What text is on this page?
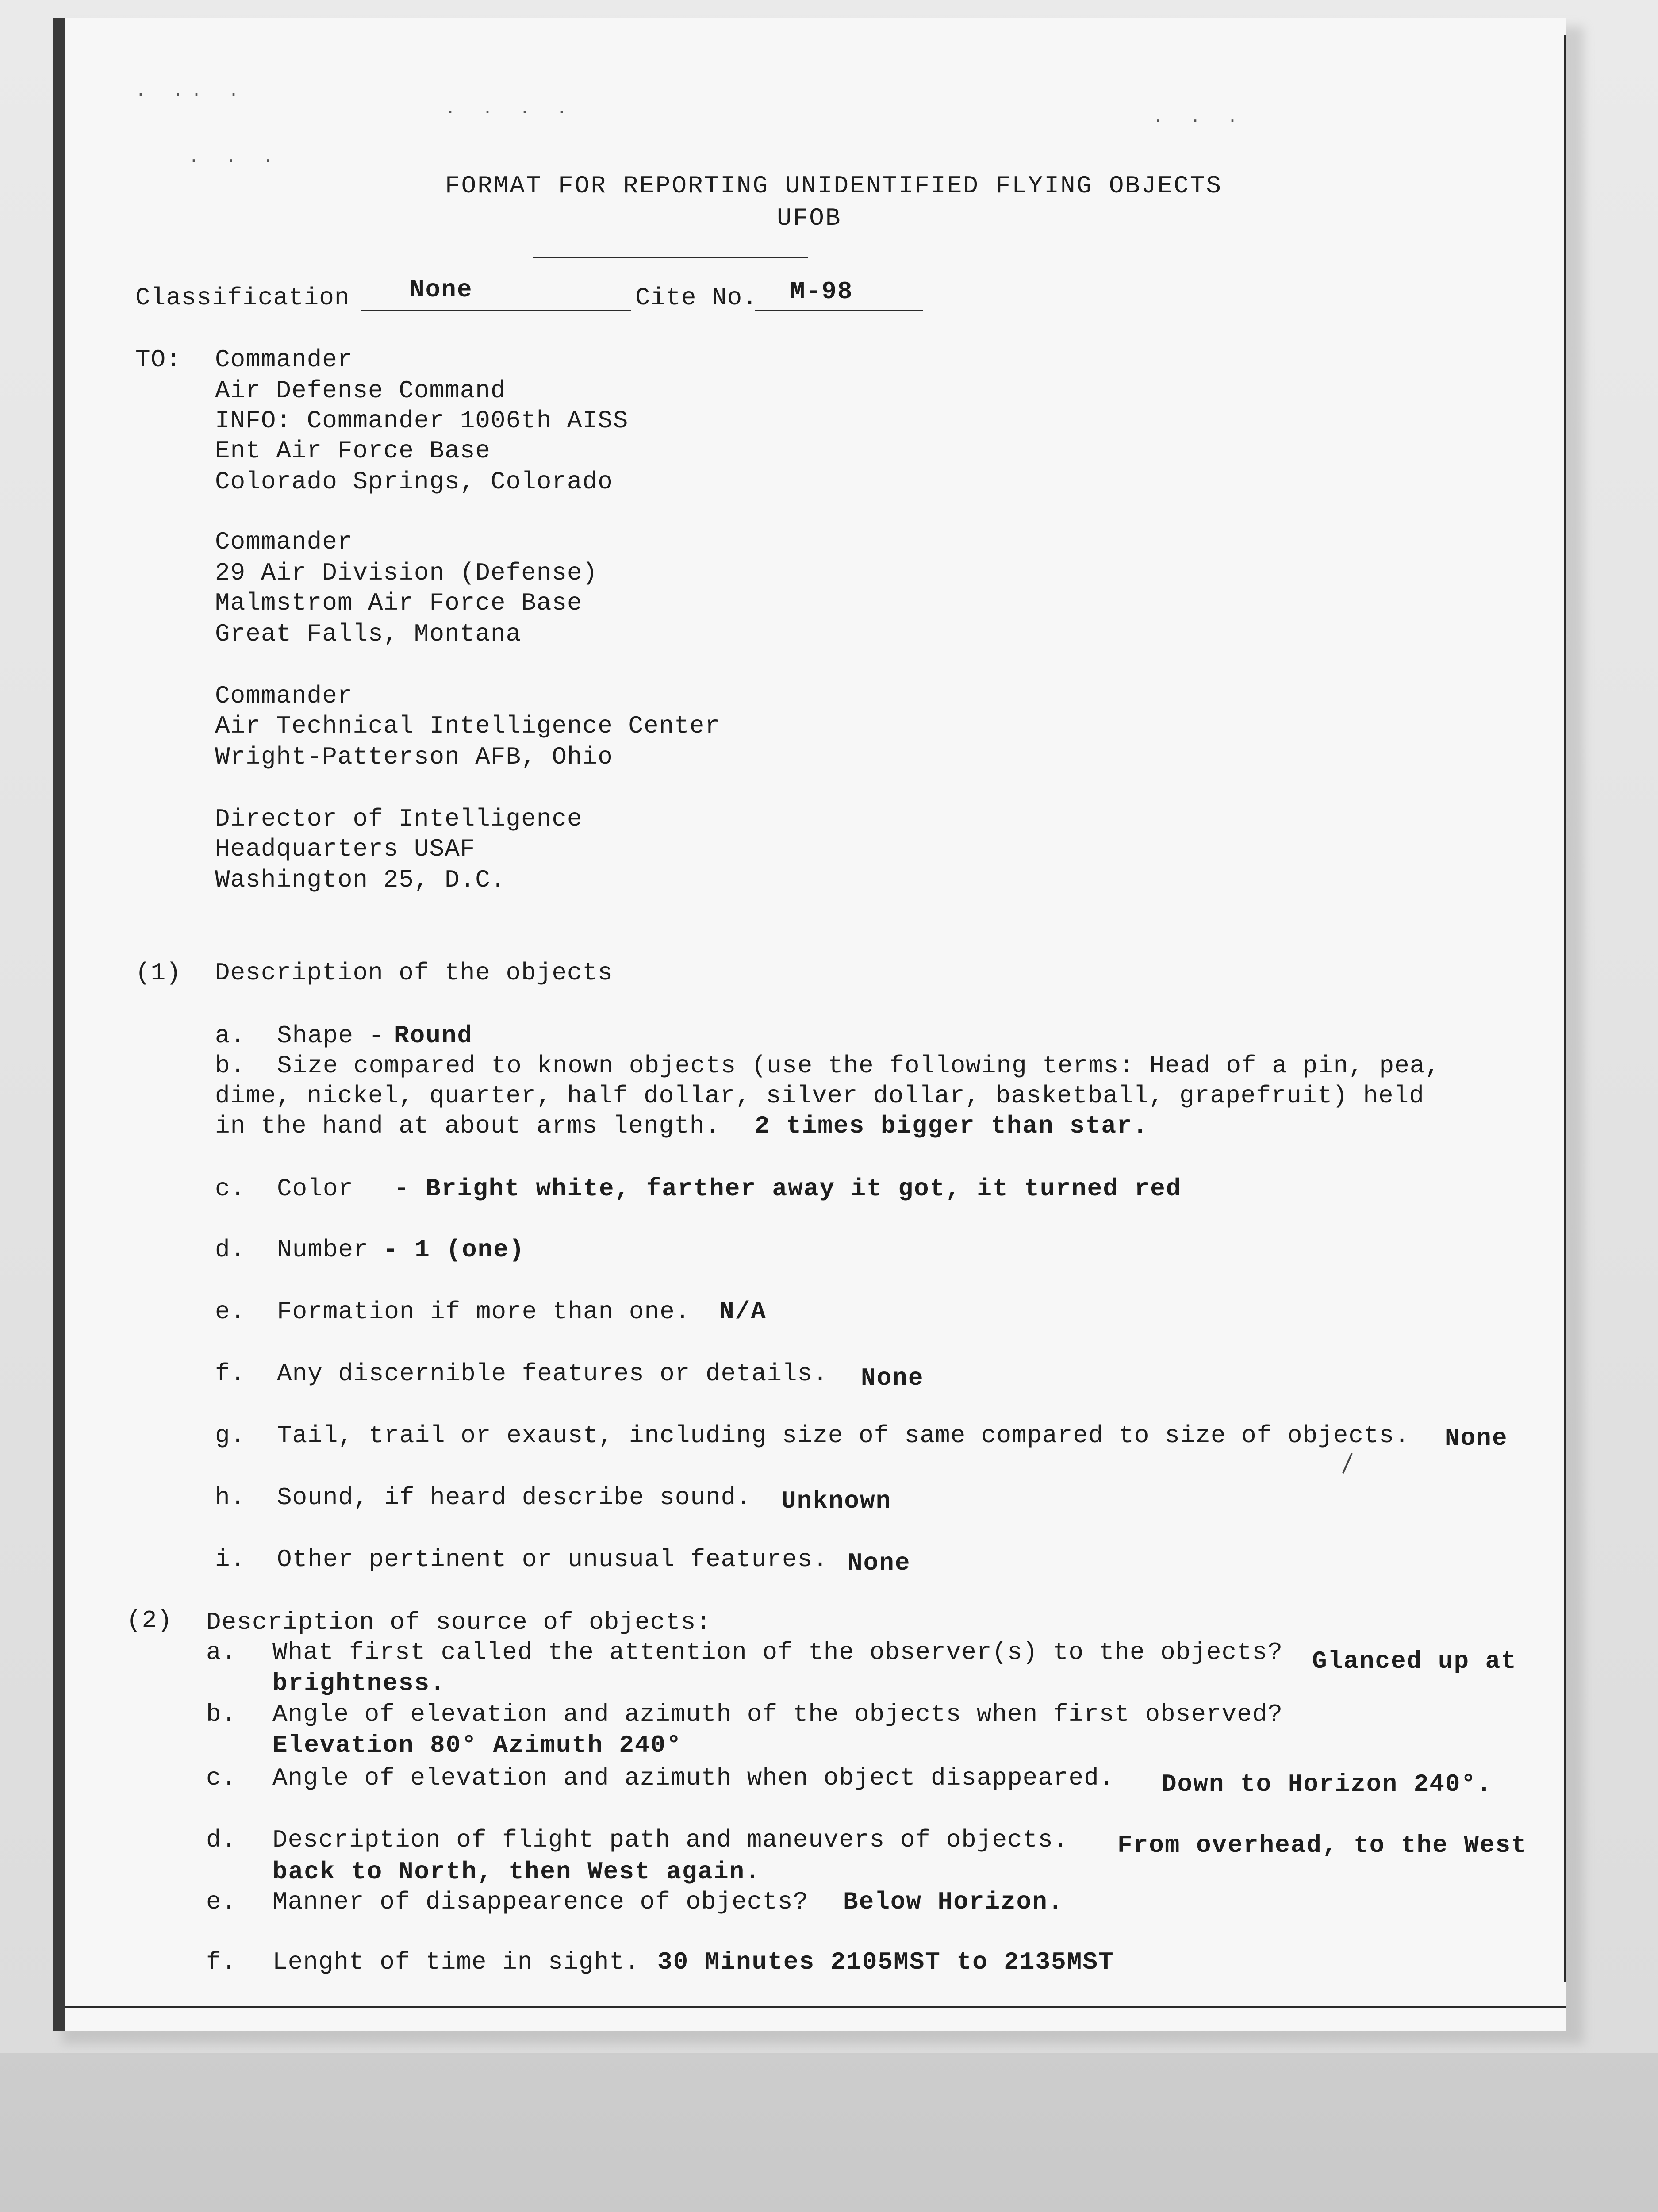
· ·· ·
· · ·
· · · ·	· · ·
FORMAT FOR REPORTING UNIDENTIFIED FLYING OBJECTS
UFOB
Classification None	Cite No. M-98
TO: Commander
Air Defense Command
INFO: Commander 1006th AISS
Ent Air Force Base
Colorado Springs, Colorado
Commander
29 Air Division (Defense)
Malmstrom Air Force Base
Great Falls, Montana
Commander
Air Technical Intelligence Center
Wright-Patterson AFB, Ohio
Director of Intelligence
Headquarters USAF
Washington 25, D.C.
(1) Description of the objects
a. Shape - Round
b. Size compared to known objects (use the following terms: Head of a pin, pea,
dime, nickel, quarter, half dollar, silver dollar, basketball, grapefruit) held
in the hand at about arms length. 2 times bigger than star.
c. Color - Bright white, farther away it got, it turned red
d. Number - 1 (one)
e. Formation if more than one. N/A
f. Any discernible features or details. None
g. Tail, trail or exaust, including size of same compared to size of objects. None
h. Sound, if heard describe sound. Unknown
i. Other pertinent or unusual features. None
(2) Description of source of objects:
a. What first called the attention of the observer(s) to the objects? Glanced up at
brightness.
b. Angle of elevation and azimuth of the objects when first observed?
Elevation 80° Azimuth 240°
c. Angle of elevation and azimuth when object disappeared. Down to Horizon 240°.
d. Description of flight path and maneuvers of objects. From overhead, to the West
back to North, then West again.
e. Manner of disappearence of objects? Below Horizon.
f. Lenght of time in sight. 30 Minutes 2105MST to 2135MST
